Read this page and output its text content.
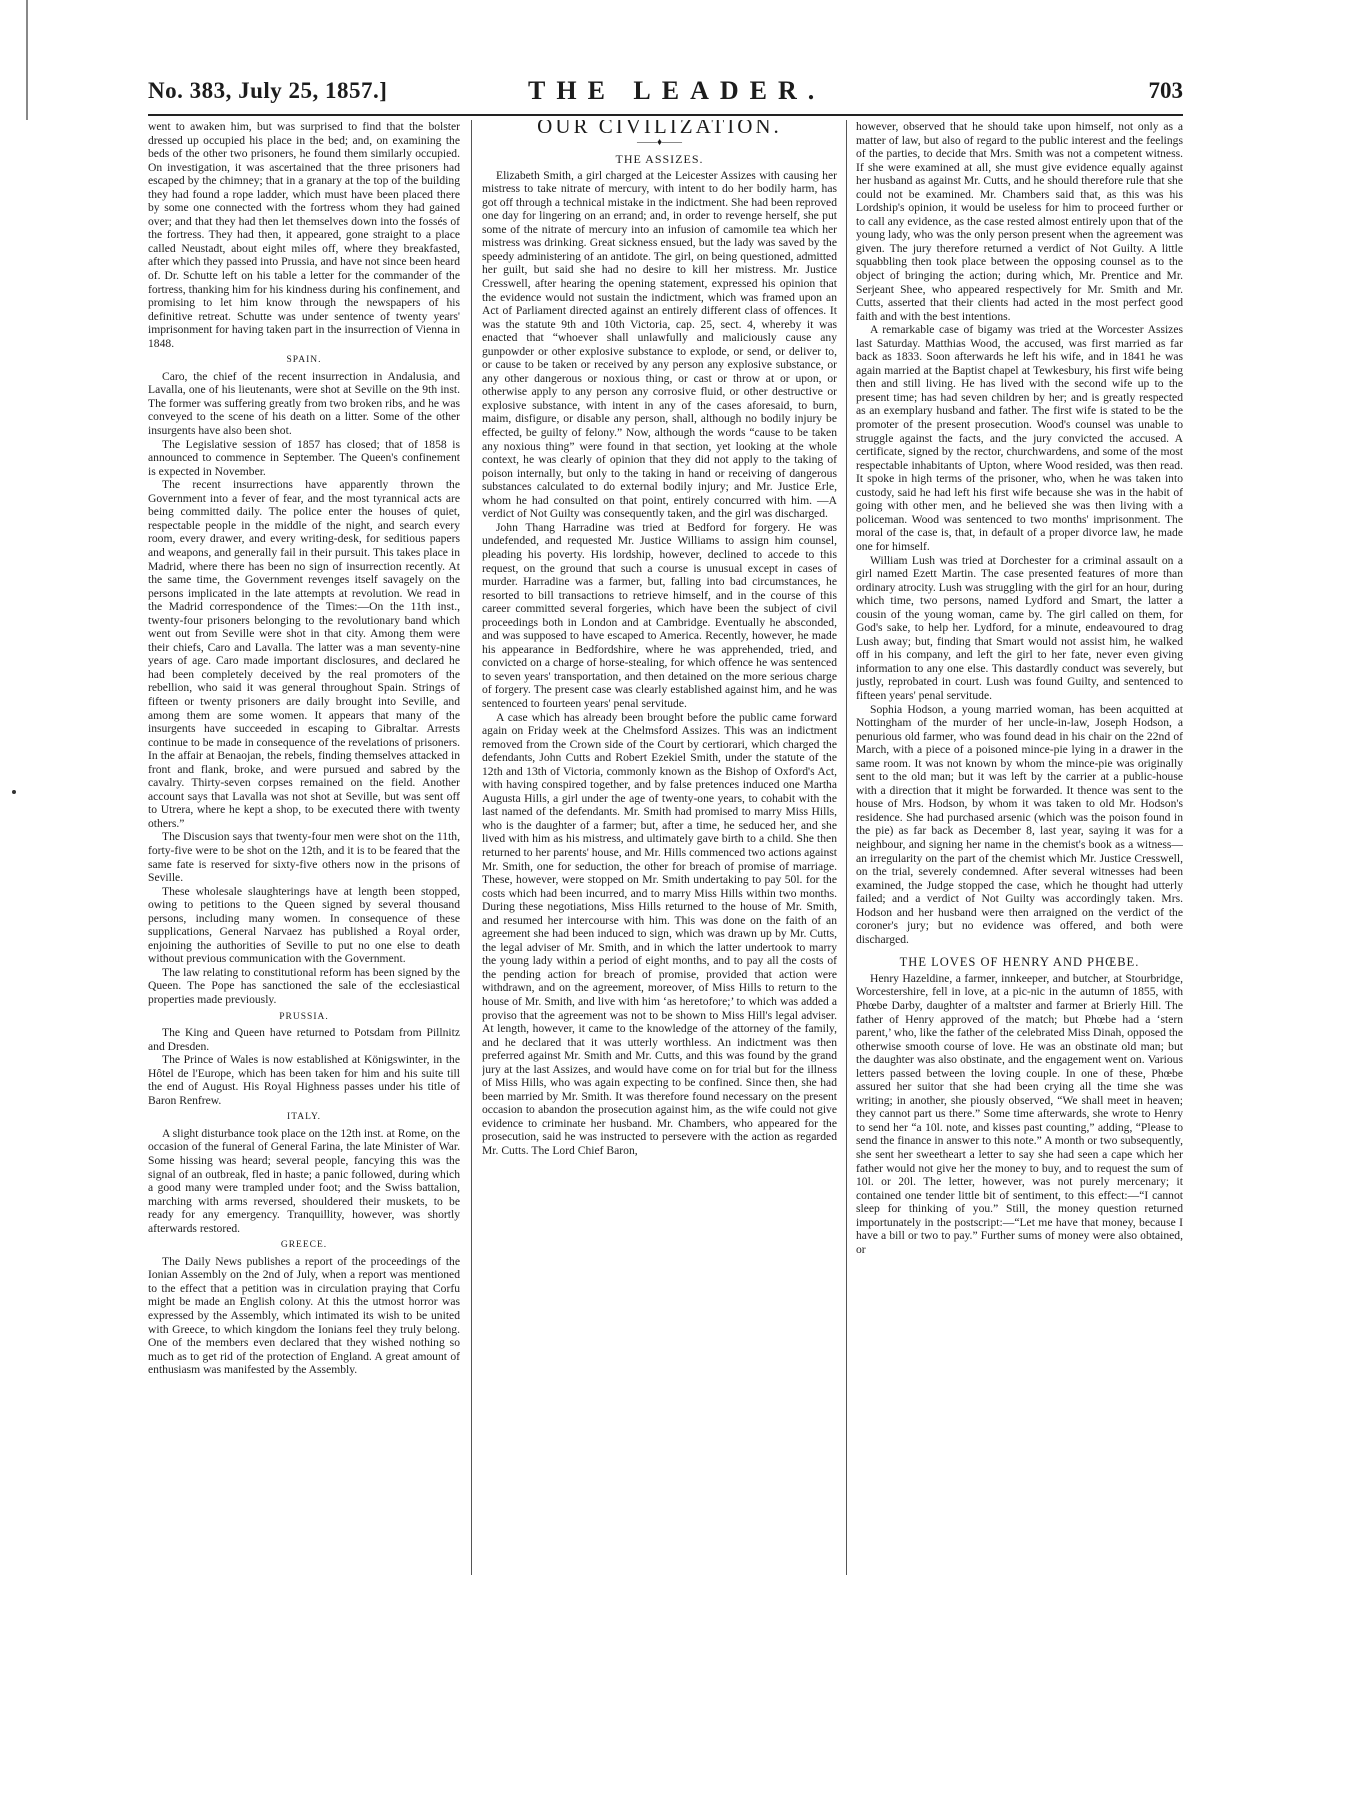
No. 383, July 25, 1857.]	THE LEADER.	703

went to awaken him, but was surprised to find that the bolster dressed up occupied his place in the bed; and, on examining the beds of the other two prisoners, he found them similarly occupied. On investigation, it was ascertained that the three prisoners had escaped by the chimney; that in a granary at the top of the building they had found a rope ladder, which must have been placed there by some one connected with the fortress whom they had gained over; and that they had then let themselves down into the fossés of the fortress. They had then, it appeared, gone straight to a place called Neustadt, about eight miles off, where they breakfasted, after which they passed into Prussia, and have not since been heard of. Dr. Schutte left on his table a letter for the commander of the fortress, thanking him for his kindness during his confinement, and promising to let him know through the newspapers of his definitive retreat. Schutte was under sentence of twenty years' imprisonment for having taken part in the insurrection of Vienna in 1848.

SPAIN.

Caro, the chief of the recent insurrection in Andalusia, and Lavalla, one of his lieutenants, were shot at Seville on the 9th inst. The former was suffering greatly from two broken ribs, and he was conveyed to the scene of his death on a litter. Some of the other insurgents have also been shot.

The Legislative session of 1857 has closed; that of 1858 is announced to commence in September. The Queen's confinement is expected in November.

The recent insurrections have apparently thrown the Government into a fever of fear, and the most tyrannical acts are being committed daily. The police enter the houses of quiet, respectable people in the middle of the night, and search every room, every drawer, and every writing-desk, for seditious papers and weapons, and generally fail in their pursuit. This takes place in Madrid, where there has been no sign of insurrection recently. At the same time, the Government revenges itself savagely on the persons implicated in the late attempts at revolution. We read in the Madrid correspondence of the Times:—On the 11th inst., twenty-four prisoners belonging to the revolutionary band which went out from Seville were shot in that city. Among them were their chiefs, Caro and Lavalla. The latter was a man seventy-nine years of age. Caro made important disclosures, and declared he had been completely deceived by the real promoters of the rebellion, who said it was general throughout Spain. Strings of fifteen or twenty prisoners are daily brought into Seville, and among them are some women. It appears that many of the insurgents have succeeded in escaping to Gibraltar. Arrests continue to be made in consequence of the revelations of prisoners. In the affair at Benaojan, the rebels, finding themselves attacked in front and flank, broke, and were pursued and sabred by the cavalry. Thirty-seven corpses remained on the field. Another account says that Lavalla was not shot at Seville, but was sent off to Utrera, where he kept a shop, to be executed there with twenty others.”

The Discusion says that twenty-four men were shot on the 11th, forty-five were to be shot on the 12th, and it is to be feared that the same fate is reserved for sixty-five others now in the prisons of Seville.

These wholesale slaughterings have at length been stopped, owing to petitions to the Queen signed by several thousand persons, including many women. In consequence of these supplications, General Narvaez has published a Royal order, enjoining the authorities of Seville to put no one else to death without previous communication with the Government.

The law relating to constitutional reform has been signed by the Queen. The Pope has sanctioned the sale of the ecclesiastical properties made previously.

PRUSSIA.

The King and Queen have returned to Potsdam from Pillnitz and Dresden.

The Prince of Wales is now established at Königswinter, in the Hôtel de l'Europe, which has been taken for him and his suite till the end of August. His Royal Highness passes under his title of Baron Renfrew.

ITALY.

A slight disturbance took place on the 12th inst. at Rome, on the occasion of the funeral of General Farina, the late Minister of War. Some hissing was heard; several people, fancying this was the signal of an outbreak, fled in haste; a panic followed, during which a good many were trampled under foot; and the Swiss battalion, marching with arms reversed, shouldered their muskets, to be ready for any emergency. Tranquillity, however, was shortly afterwards restored.

GREECE.

The Daily News publishes a report of the proceedings of the Ionian Assembly on the 2nd of July, when a report was mentioned to the effect that a petition was in circulation praying that Corfu might be made an English colony. At this the utmost horror was expressed by the Assembly, which intimated its wish to be united with Greece, to which kingdom the Ionians feel they truly belong. One of the members even declared that they wished nothing so much as to get rid of the protection of England. A great amount of enthusiasm was manifested by the Assembly.

OUR CIVILIZATION.
——♦——
THE ASSIZES.

Elizabeth Smith, a girl charged at the Leicester Assizes with causing her mistress to take nitrate of mercury, with intent to do her bodily harm, has got off through a technical mistake in the indictment. She had been reproved one day for lingering on an errand; and, in order to revenge herself, she put some of the nitrate of mercury into an infusion of camomile tea which her mistress was drinking. Great sickness ensued, but the lady was saved by the speedy administering of an antidote. The girl, on being questioned, admitted her guilt, but said she had no desire to kill her mistress. Mr. Justice Cresswell, after hearing the opening statement, expressed his opinion that the evidence would not sustain the indictment, which was framed upon an Act of Parliament directed against an entirely different class of offences. It was the statute 9th and 10th Victoria, cap. 25, sect. 4, whereby it was enacted that “whoever shall unlawfully and maliciously cause any gunpowder or other explosive substance to explode, or send, or deliver to, or cause to be taken or received by any person any explosive substance, or any other dangerous or noxious thing, or cast or throw at or upon, or otherwise apply to any person any corrosive fluid, or other destructive or explosive substance, with intent in any of the cases aforesaid, to burn, maim, disfigure, or disable any person, shall, although no bodily injury be effected, be guilty of felony.” Now, although the words “cause to be taken any noxious thing” were found in that section, yet looking at the whole context, he was clearly of opinion that they did not apply to the taking of poison internally, but only to the taking in hand or receiving of dangerous substances calculated to do external bodily injury; and Mr. Justice Erle, whom he had consulted on that point, entirely concurred with him. —A verdict of Not Guilty was consequently taken, and the girl was discharged.

John Thang Harradine was tried at Bedford for forgery. He was undefended, and requested Mr. Justice Williams to assign him counsel, pleading his poverty. His lordship, however, declined to accede to this request, on the ground that such a course is unusual except in cases of murder. Harradine was a farmer, but, falling into bad circumstances, he resorted to bill transactions to retrieve himself, and in the course of this career committed several forgeries, which have been the subject of civil proceedings both in London and at Cambridge. Eventually he absconded, and was supposed to have escaped to America. Recently, however, he made his appearance in Bedfordshire, where he was apprehended, tried, and convicted on a charge of horse-stealing, for which offence he was sentenced to seven years' transportation, and then detained on the more serious charge of forgery. The present case was clearly established against him, and he was sentenced to fourteen years' penal servitude.

A case which has already been brought before the public came forward again on Friday week at the Chelmsford Assizes. This was an indictment removed from the Crown side of the Court by certiorari, which charged the defendants, John Cutts and Robert Ezekiel Smith, under the statute of the 12th and 13th of Victoria, commonly known as the Bishop of Oxford's Act, with having conspired together, and by false pretences induced one Martha Augusta Hills, a girl under the age of twenty-one years, to cohabit with the last named of the defendants. Mr. Smith had promised to marry Miss Hills, who is the daughter of a farmer; but, after a time, he seduced her, and she lived with him as his mistress, and ultimately gave birth to a child. She then returned to her parents' house, and Mr. Hills commenced two actions against Mr. Smith, one for seduction, the other for breach of promise of marriage. These, however, were stopped on Mr. Smith undertaking to pay 50l. for the costs which had been incurred, and to marry Miss Hills within two months. During these negotiations, Miss Hills returned to the house of Mr. Smith, and resumed her intercourse with him. This was done on the faith of an agreement she had been induced to sign, which was drawn up by Mr. Cutts, the legal adviser of Mr. Smith, and in which the latter undertook to marry the young lady within a period of eight months, and to pay all the costs of the pending action for breach of promise, provided that action were withdrawn, and on the agreement, moreover, of Miss Hills to return to the house of Mr. Smith, and live with him ‘as heretofore;’ to which was added a proviso that the agreement was not to be shown to Miss Hill's legal adviser. At length, however, it came to the knowledge of the attorney of the family, and he declared that it was utterly worthless. An indictment was then preferred against Mr. Smith and Mr. Cutts, and this was found by the grand jury at the last Assizes, and would have come on for trial but for the illness of Miss Hills, who was again expecting to be confined. Since then, she had been married by Mr. Smith. It was therefore found necessary on the present occasion to abandon the prosecution against him, as the wife could not give evidence to criminate her husband. Mr. Chambers, who appeared for the prosecution, said he was instructed to persevere with the action as regarded Mr. Cutts. The Lord Chief Baron,

however, observed that he should take upon himself, not only as a matter of law, but also of regard to the public interest and the feelings of the parties, to decide that Mrs. Smith was not a competent witness. If she were examined at all, she must give evidence equally against her husband as against Mr. Cutts, and he should therefore rule that she could not be examined. Mr. Chambers said that, as this was his Lordship's opinion, it would be useless for him to proceed further or to call any evidence, as the case rested almost entirely upon that of the young lady, who was the only person present when the agreement was given. The jury therefore returned a verdict of Not Guilty. A little squabbling then took place between the opposing counsel as to the object of bringing the action; during which, Mr. Prentice and Mr. Serjeant Shee, who appeared respectively for Mr. Smith and Mr. Cutts, asserted that their clients had acted in the most perfect good faith and with the best intentions.

A remarkable case of bigamy was tried at the Worcester Assizes last Saturday. Matthias Wood, the accused, was first married as far back as 1833. Soon afterwards he left his wife, and in 1841 he was again married at the Baptist chapel at Tewkesbury, his first wife being then and still living. He has lived with the second wife up to the present time; has had seven children by her; and is greatly respected as an exemplary husband and father. The first wife is stated to be the promoter of the present prosecution. Wood's counsel was unable to struggle against the facts, and the jury convicted the accused. A certificate, signed by the rector, churchwardens, and some of the most respectable inhabitants of Upton, where Wood resided, was then read. It spoke in high terms of the prisoner, who, when he was taken into custody, said he had left his first wife because she was in the habit of going with other men, and he believed she was then living with a policeman. Wood was sentenced to two months' imprisonment. The moral of the case is, that, in default of a proper divorce law, he made one for himself.

William Lush was tried at Dorchester for a criminal assault on a girl named Ezett Martin. The case presented features of more than ordinary atrocity. Lush was struggling with the girl for an hour, during which time, two persons, named Lydford and Smart, the latter a cousin of the young woman, came by. The girl called on them, for God's sake, to help her. Lydford, for a minute, endeavoured to drag Lush away; but, finding that Smart would not assist him, he walked off in his company, and left the girl to her fate, never even giving information to any one else. This dastardly conduct was severely, but justly, reprobated in court. Lush was found Guilty, and sentenced to fifteen years' penal servitude.

Sophia Hodson, a young married woman, has been acquitted at Nottingham of the murder of her uncle-in-law, Joseph Hodson, a penurious old farmer, who was found dead in his chair on the 22nd of March, with a piece of a poisoned mince-pie lying in a drawer in the same room. It was not known by whom the mince-pie was originally sent to the old man; but it was left by the carrier at a public-house with a direction that it might be forwarded. It thence was sent to the house of Mrs. Hodson, by whom it was taken to old Mr. Hodson's residence. She had purchased arsenic (which was the poison found in the pie) as far back as December 8, last year, saying it was for a neighbour, and signing her name in the chemist's book as a witness—an irregularity on the part of the chemist which Mr. Justice Cresswell, on the trial, severely condemned. After several witnesses had been examined, the Judge stopped the case, which he thought had utterly failed; and a verdict of Not Guilty was accordingly taken. Mrs. Hodson and her husband were then arraigned on the verdict of the coroner's jury; but no evidence was offered, and both were discharged.

THE LOVES OF HENRY AND PHŒBE.

Henry Hazeldine, a farmer, innkeeper, and butcher, at Stourbridge, Worcestershire, fell in love, at a pic-nic in the autumn of 1855, with Phœbe Darby, daughter of a maltster and farmer at Brierly Hill. The father of Henry approved of the match; but Phœbe had a ‘stern parent,’ who, like the father of the celebrated Miss Dinah, opposed the otherwise smooth course of love. He was an obstinate old man; but the daughter was also obstinate, and the engagement went on. Various letters passed between the loving couple. In one of these, Phœbe assured her suitor that she had been crying all the time she was writing; in another, she piously observed, “We shall meet in heaven; they cannot part us there.” Some time afterwards, she wrote to Henry to send her “a 10l. note, and kisses past counting,” adding, “Please to send the finance in answer to this note.” A month or two subsequently, she sent her sweetheart a letter to say she had seen a cape which her father would not give her the money to buy, and to request the sum of 10l. or 20l. The letter, however, was not purely mercenary; it contained one tender little bit of sentiment, to this effect:—“I cannot sleep for thinking of you.” Still, the money question returned importunately in the postscript:—“Let me have that money, because I have a bill or two to pay.” Further sums of money were also obtained, or
